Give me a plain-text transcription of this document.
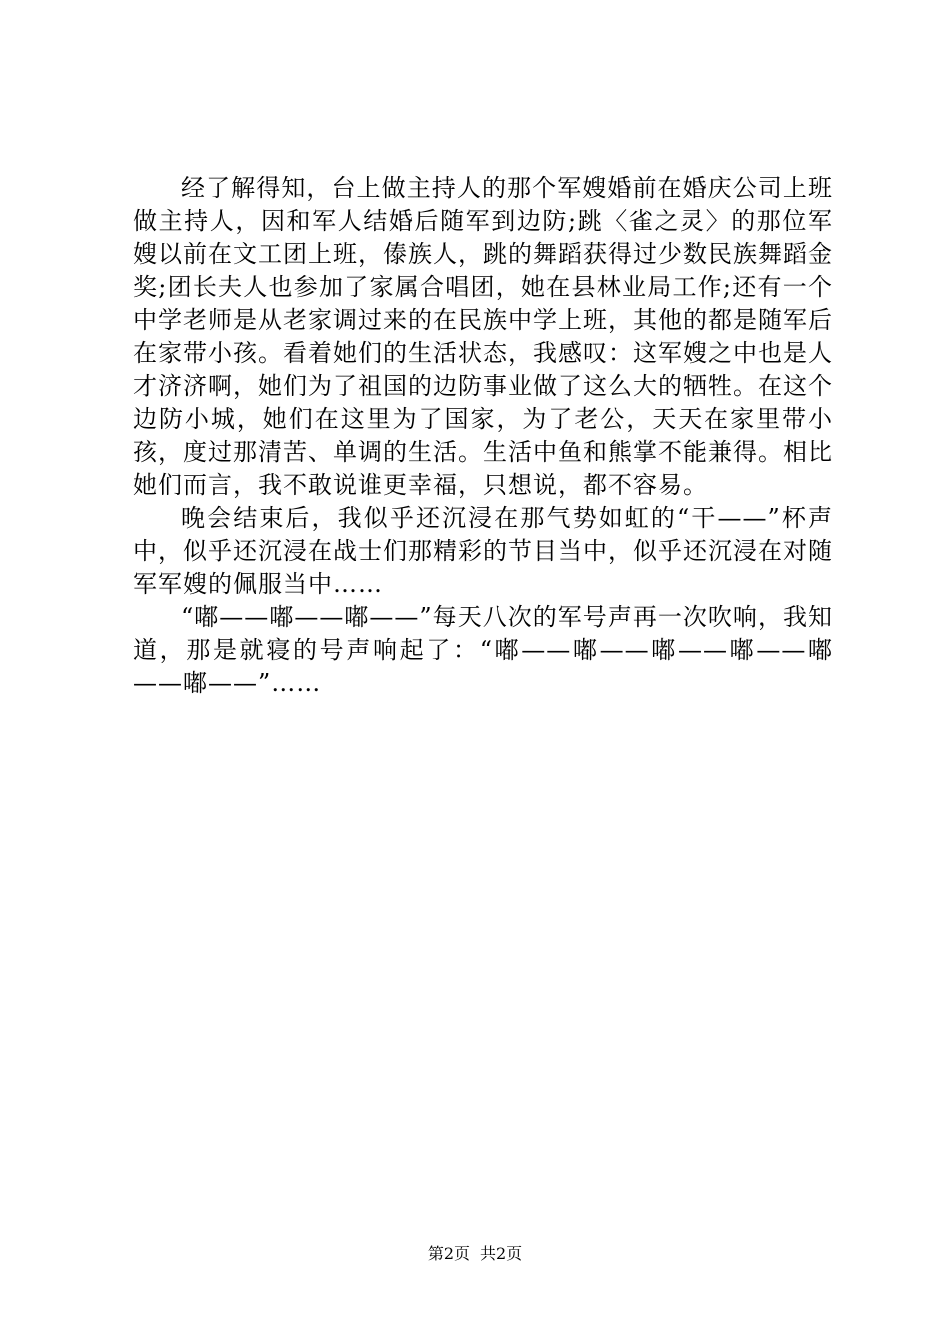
经了解得知，台上做主持人的那个军嫂婚前在婚庆公司上班做主持人，因和军人结婚后随军到边防;跳〈雀之灵〉的那位军嫂以前在文工团上班，傣族人，跳的舞蹈获得过少数民族舞蹈金奖;团长夫人也参加了家属合唱团，她在县林业局工作;还有一个中学老师是从老家调过来的在民族中学上班，其他的都是随军后在家带小孩。看着她们的生活状态，我感叹：这军嫂之中也是人才济济啊，她们为了祖国的边防事业做了这么大的牺牲。在这个边防小城，她们在这里为了国家，为了老公，天天在家里带小孩，度过那清苦、单调的生活。生活中鱼和熊掌不能兼得。相比她们而言，我不敢说谁更幸福，只想说，都不容易。

晚会结束后，我似乎还沉浸在那气势如虹的“干——”杯声中，似乎还沉浸在战士们那精彩的节目当中，似乎还沉浸在对随军军嫂的佩服当中……

“嘟——嘟——嘟——”每天八次的军号声再一次吹响，我知道，那是就寝的号声响起了：“嘟——嘟——嘟——嘟——嘟——嘟——”……

第2页 共2页
